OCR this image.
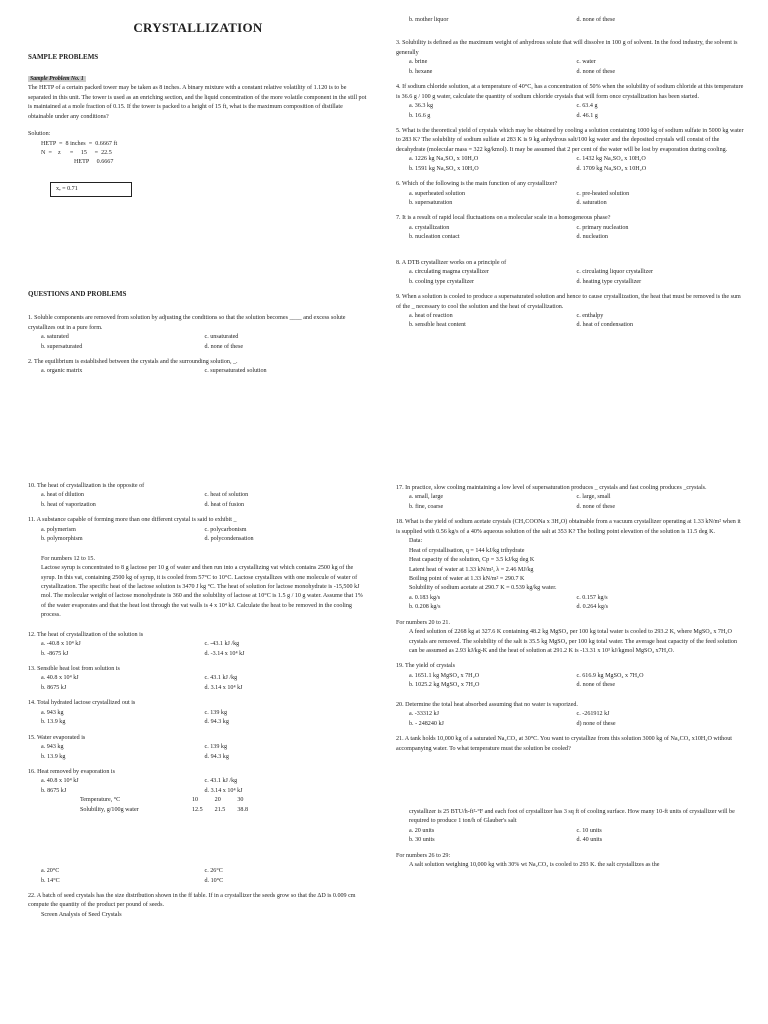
CRYSTALLIZATION
SAMPLE PROBLEMS
Sample Problem No. 1

The HETP of a certain packed tower may be taken as 8 inches. A binary mixture with a constant relative volatility of 1.120 is to be separated in this unit. The tower is used as an enriching section, and the liquid concentration of the more volatile component in the still pot is maintained at a mole fraction of 0.15. If the tower is packed to a height of 15 ft, what is the maximum composition of distillate obtainable under any conditions?

Solution:
HETP  =  8 inches  =  0.6667 ft
N  =    z      =     15     =  22.5
HETP     0.6667
xₑ = 0.71
QUESTIONS AND PROBLEMS

1. Soluble components are removed from solution by adjusting the conditions so that the solution becomes ____ and excess solute crystallizes out in a pure form.

a. saturated	c. unsaturated
b. supersaturated	d. none of these

2. The equilibrium is established between the crystals and the surrounding solution, _.

a. organic matrix	c. supersaturated solution
b. mother liquor	d. none of these

3. Solubility is defined as the maximum weight of anhydrous solute that will dissolve in 100 g of solvent. In the food industry, the solvent is generally

a. brine	c. water
b. hexane	d. none of these

4. If sodium chloride solution, at a temperature of 40°C, has a concentration of 50% when the solubility of sodium chloride at this temperature is 36.6 g / 100 g water, calculate the quantity of sodium chloride crystals that will form once crystallization has been started.

a. 36.3 kg	c. 63.4 g
b. 16.6 g	d. 46.1 g

5. What is the theoretical yield of crystals which may be obtained by cooling a solution containing 1000 kg of sodium sulfate in 5000 kg water to 283 K? The solubility of sodium sulfate at 283 K is 9 kg anhydrous salt/100 kg water and the deposited crystals will consist of the decahydrate (molecular mass = 322 kg/kmol). It may be assumed that 2 per cent of the water will be lost by evaporation during cooling.

a. 1226 kg Na₂SO₄ x 10H₂O	c. 1432 kg Na₂SO₄ x 10H₂O
b. 1591 kg Na₂SO₄ x 10H₂O	d. 1709 kg Na₂SO₄ x 10H₂O

6. Which of the following is the main function of any crystallizer?

a. superheated solution	c. pre-heated solution
b. supersaturation	d. saturation

7. It is a result of rapid local fluctuations on a molecular scale in a homogeneous phase?

a. crystallization	c. primary nucleation
b. nucleation contact	d. nucleation

8. A DTB crystallizer works on a principle of

a. circulating magma crystallizer	c. circulating liquor crystallizer
b. cooling type crystallizer	d. heating type crystallizer

9. When a solution is cooled to produce a supersaturated solution and hence to cause crystallization, the heat that must be removed is the sum of the _ necessary to cool the solution and the heat of crystallization.

a. heat of reaction	c. enthalpy
b. sensible heat content	d. heat of condensation

10. The heat of crystallization is the opposite of

a. heat of dilution	c. heat of solution
b. heat of vaporization	d. heat of fusion

11. A substance capable of forming more than one different crystal is said to exhibit _

a. polymerism	c. polycarbonism
b. polymorphism	d. polycondensation
For numbers 12 to 15.

Lactose syrup is concentrated to 8 g lactose per 10 g of water and then run into a crystallizing vat which contains 2500 kg of the syrup. In this vat, containing 2500 kg of syrup, it is cooled from 57°C to 10°C. Lactose crystallizes with one molecule of water of crystallization. The specific heat of the lactose solution is 3470 J kg °C. The heat of solution for lactose monohydrate is -15,500 kJ mol. The molecular weight of lactose monohydrate is 360 and the solubility of lactose at 10°C is 1.5 g / 10 g water. Assume that 1% of the water evaporates and that the heat lost through the vat walls is 4 x 10⁴ kJ. Calculate the heat to be removed in the cooling process.

12. The heat of crystallization of the solution is

a. -40.8 x 10⁴ kJ	c. -43.1 kJ /kg
b. -8675 kJ	d. -3.14 x 10⁴ kJ

13. Sensible heat lost from solution is

a. 40.8 x 10⁴ kJ	c. 43.1 kJ /kg
b. 8675 kJ	d. 3.14 x 10⁴ kJ

14. Total hydrated lactose crystallized out is

a. 943 kg	c. 139 kg
b. 13.9 kg	d. 94.3 kg

15. Water evaporated is

a. 943 kg	c. 139 kg
b. 13.9 kg	d. 94.3 kg

16. Heat removed by evaporation is

a. 40.8 x 10⁴ kJ	c. 43.1 kJ /kg
b. 8675 kJ	d. 3.14 x 10⁴ kJ
Temperature, °C	10	20	30
Solubility, g/100g water	12.5	21.5	38.8
a. 20°C	c. 26°C
b. 14°C	d. 10°C

22. A batch of seed crystals has the size distribution shown in the ff table. If in a crystallizer the seeds grow so that the ΔD is 0.009 cm compute the quantity of the product per pound of seeds.

Screen Analysis of Seed Crystals

17. In practice, slow cooling maintaining a low level of supersaturation produces _ crystals and fast cooling produces _crystals.

a. small, large	c. large, small
b. fine, coarse	d. none of these

18. What is the yield of sodium acetate crystals (CH₃COONa x 3H₂O) obtainable from a vacuum crystallizer operating at 1.33 kN/m² when it is supplied with 0.56 kg/s of a 40% aqueous solution of the salt at 353 K? The boiling point elevation of the solution is 11.5 deg K.

Data:
Heat of crystallisation, q = 144 kJ/kg trihydrate
Heat capacity of the solution, Cp = 3.5 kJ/kg deg K
Latent heat of water at 1.33 kN/m², λ = 2.46 MJ/kg
Boiling point of water at 1.33 kN/m² = 290.7 K
Solubility of sodium acetate at 290.7 K = 0.539 kg/kg water.
a. 0.183 kg/s	c. 0.157 kg/s
b. 0.208 kg/s	d. 0.264 kg/s
For numbers 20 to 21.

A feed solution of 2268 kg at 327.6 K containing 48.2 kg MgSO₄ per 100 kg total water is cooled to 293.2 K, where MgSO₄ x 7H₂O crystals are removed. The solubility of the salt is 35.5 kg MgSO₄ per 100 kg total water. The average heat capacity of the feed solution can be assumed as 2.93 kJ/kg-K and the heat of solution at 291.2 K is -13.31 x 10³ kJ/kgmol MgSO₄ x7H₂O.

19. The yield of crystals

a. 1651.1 kg MgSO₄ x 7H₂O	c. 616.9 kg MgSO₄ x 7H₂O
b. 1025.2 kg MgSO₄ x 7H₂O	d. none of these

20. Determine the total heat absorbed assuming that no water is vaporized.

a. -33312 kJ	c. -261912 kJ
b. - 248240 kJ	d) none of these

21. A tank holds 10,000 kg of a saturated Na₂CO₃ at 30°C. You want to crystallize from this solution 3000 kg of Na₂CO₃ x10H₂O without accompanying water. To what temperature must the solution be cooled?

crystallizer is 25 BTU/h-ft²-°F and each foot of crystallizer has 3 sq ft of cooling surface. How many 10-ft units of crystallizer will be required to produce 1 ton/h of Glauber's salt

a. 20 units	c. 10 units
b. 30 units	d. 40 units
For numbers 26 to 29:

A salt solution weighing 10,000 kg with 30% wt Na₂CO₃ is cooled to 293 K. the salt crystallizes as the
